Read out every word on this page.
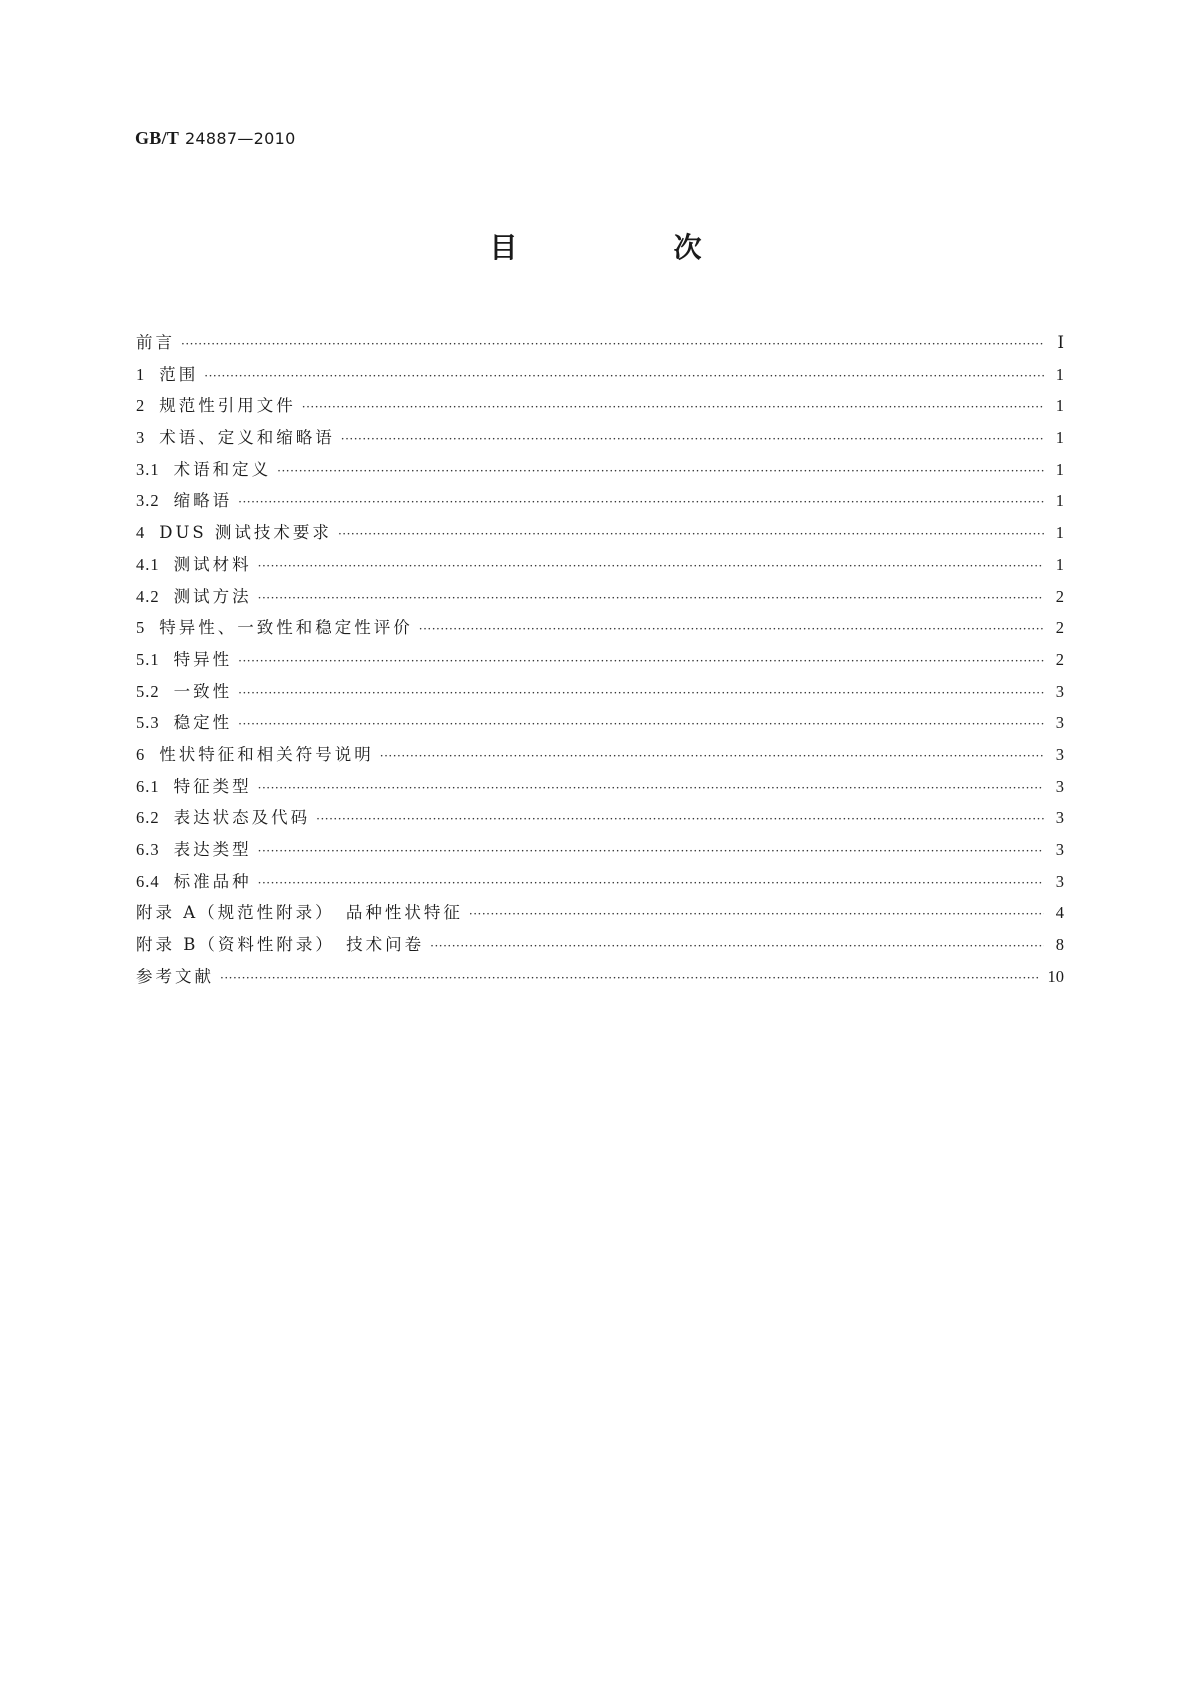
GB/T 24887—2010
目　次
前言 ·····	Ⅰ
1 范围 ·····	1
2 规范性引用文件 ·····	1
3 术语、定义和缩略语 ·····	1
3.1 术语和定义 ·····	1
3.2 缩略语 ·····	1
4 DUS 测试技术要求 ·····	1
4.1 测试材料 ·····	1
4.2 测试方法 ·····	2
5 特异性、一致性和稳定性评价 ·····	2
5.1 特异性 ·····	2
5.2 一致性 ·····	3
5.3 稳定性 ·····	3
6 性状特征和相关符号说明 ·····	3
6.1 特征类型 ·····	3
6.2 表达状态及代码 ·····	3
6.3 表达类型 ·····	3
6.4 标准品种 ·····	3
附录 A（规范性附录）　品种性状特征 ·····	4
附录 B（资料性附录）　技术问卷 ·····	8
参考文献 ·····	10
